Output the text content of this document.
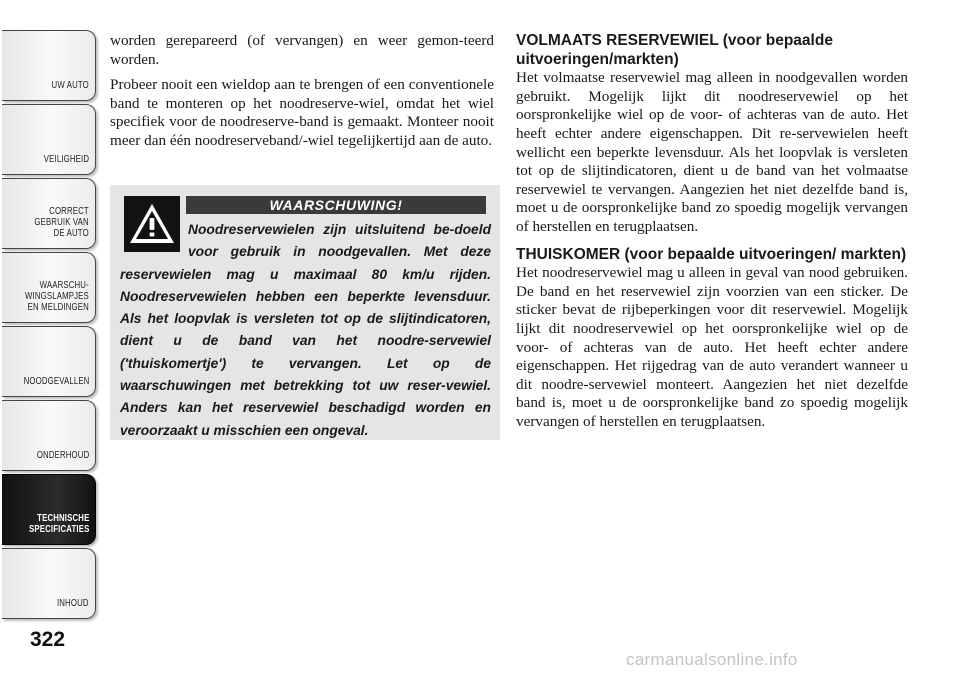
UW AUTO
VEILIGHEID
CORRECT
GEBRUIK VAN
DE AUTO
WAARSCHU-
WINGSLAMPJES
EN MELDINGEN
NOODGEVALLEN
ONDERHOUD
TECHNISCHE
SPECIFICATIES
INHOUD
322

worden gerepareerd (of vervangen) en weer gemon-teerd worden.

Probeer nooit een wieldop aan te brengen of een conventionele band te monteren op het noodreserve-wiel, omdat het wiel specifiek voor de noodreserve-band is gemaakt. Monteer nooit meer dan één noodreserveband/-wiel tegelijkertijd aan de auto.

WAARSCHUWING!
Noodreservewielen zijn uitsluitend be-doeld voor gebruik in noodgevallen. Met deze reservewielen mag u maximaal 80 km/u rijden. Noodreservewielen hebben een beperkte levensduur. Als het loopvlak is versleten tot op de slijtindicatoren, dient u de band van het noodre-servewiel ('thuiskomertje') te vervangen. Let op de waarschuwingen met betrekking tot uw reser-vewiel. Anders kan het reservewiel beschadigd worden en veroorzaakt u misschien een ongeval.
VOLMAATS RESERVEWIEL (voor bepaalde uitvoeringen/markten)

Het volmaatse reservewiel mag alleen in noodgevallen worden gebruikt. Mogelijk lijkt dit noodreservewiel op het oorspronkelijke wiel op de voor- of achteras van de auto. Het heeft echter andere eigenschappen. Dit re-servewielen heeft wellicht een beperkte levensduur. Als het loopvlak is versleten tot op de slijtindicatoren, dient u de band van het volmaatse reservewiel te vervangen. Aangezien het niet dezelfde band is, moet u de oorspronkelijke band zo spoedig mogelijk vervangen of herstellen en terugplaatsen.

THUISKOMER (voor bepaalde uitvoeringen/ markten)

Het noodreservewiel mag u alleen in geval van nood gebruiken. De band en het reservewiel zijn voorzien van een sticker. De sticker bevat de rijbeperkingen voor dit reservewiel. Mogelijk lijkt dit noodreservewiel op het oorspronkelijke wiel op de voor- of achteras van de auto. Het heeft echter andere eigenschappen. Het rijgedrag van de auto verandert wanneer u dit noodre-servewiel monteert. Aangezien het niet dezelfde band is, moet u de oorspronkelijke band zo spoedig mogelijk vervangen of herstellen en terugplaatsen.

carmanualsonline.info
